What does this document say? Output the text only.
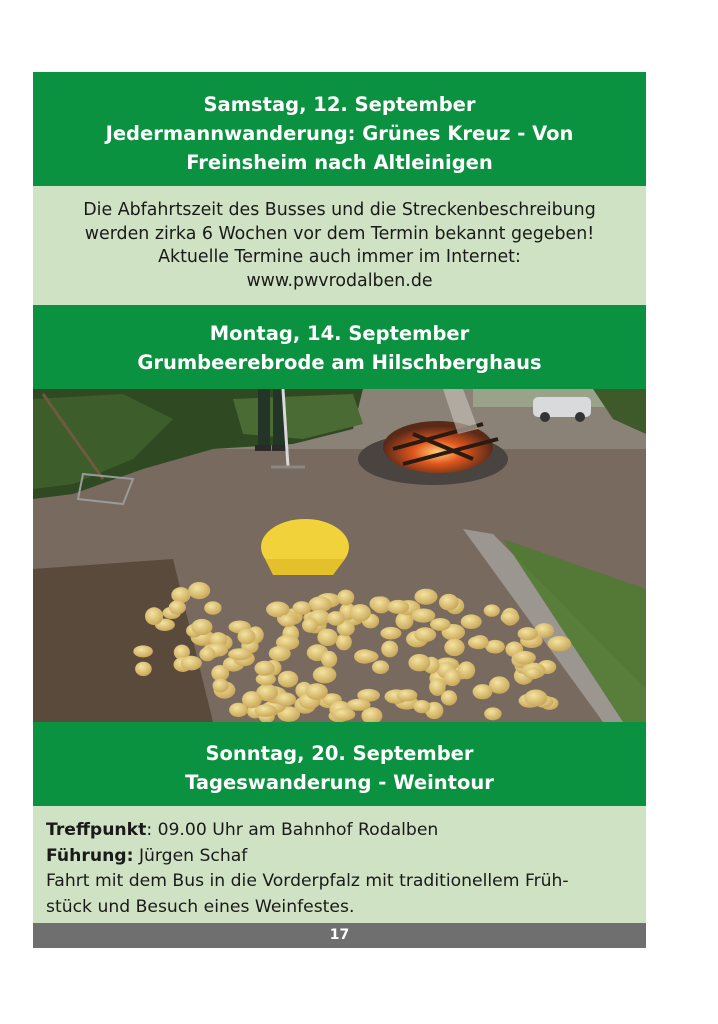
Samstag, 12. September
Jedermannwanderung: Grünes Kreuz - Von
Freinsheim nach Altleinigen
Die Abfahrtszeit des Busses und die Streckenbeschreibung
werden zirka 6 Wochen vor dem Termin bekannt gegeben!
Aktuelle Termine auch immer im Internet:
www.pwvrodalben.de
Montag, 14. September
Grumbeerebrode am Hilschberghaus
Sonntag, 20. September
Tageswanderung - Weintour
Treffpunkt: 09.00 Uhr am Bahnhof Rodalben
Führung: Jürgen Schaf
Fahrt mit dem Bus in die Vorderpfalz mit traditionellem Früh-
stück und Besuch eines Weinfestes.
17
